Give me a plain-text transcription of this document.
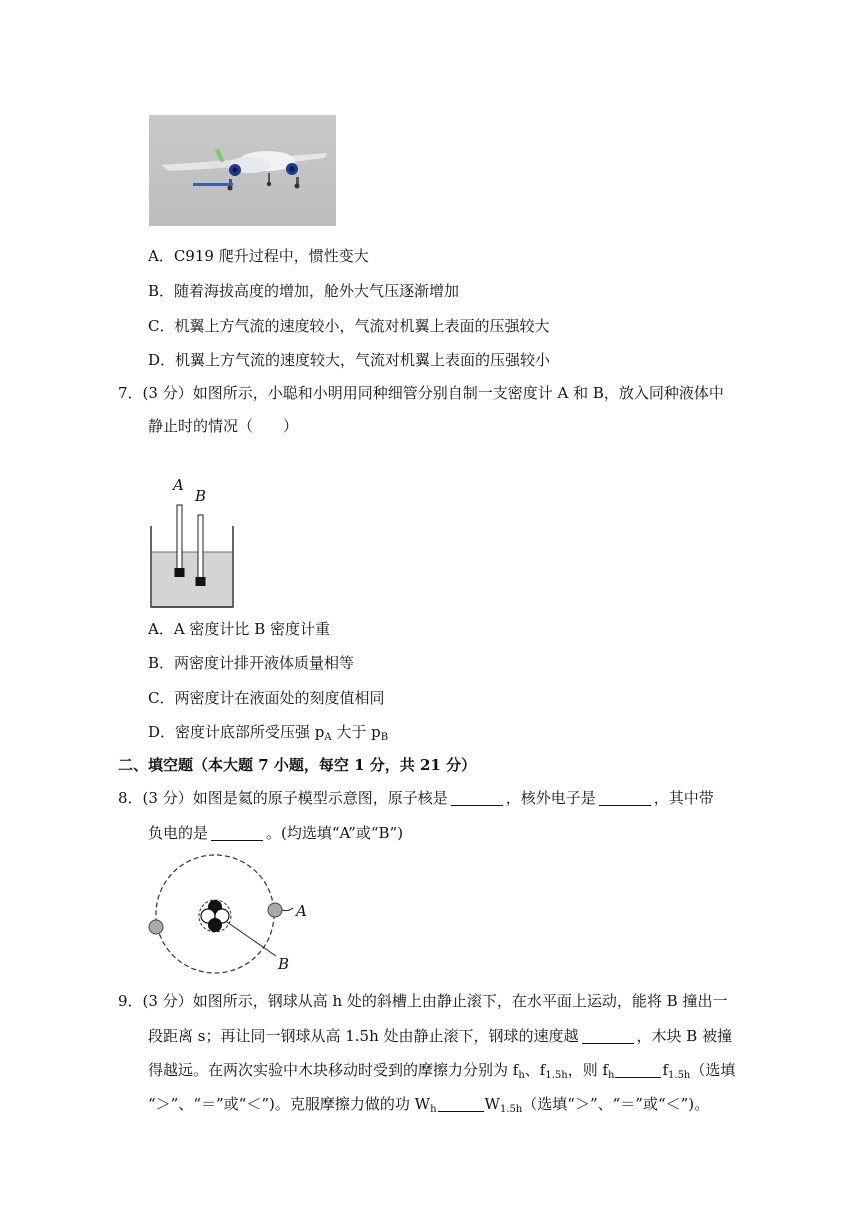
A．C919 爬升过程中，惯性变大
B．随着海拔高度的增加，舱外大气压逐渐增加
C．机翼上方气流的速度较小，气流对机翼上表面的压强较大
D．机翼上方气流的速度较大，气流对机翼上表面的压强较小
7．(3 分）如图所示，小聪和小明用同种细管分别自制一支密度计 A 和 B，放入同种液体中
静止时的情况（　　）
A
B
A．A 密度计比 B 密度计重
B．两密度计排开液体质量相等
C．两密度计在液面处的刻度值相同
D．密度计底部所受压强 $p_A$ 大于 $p_B$
二、填空题（本大题 7 小题，每空 1 分，共 21 分）
8．(3 分）如图是氦的原子模型示意图，原子核是	，核外电子是	，其中带
负电的是	。(均选填“A”或“B”)
A
B
9．(3 分）如图所示，钢球从高 h 处的斜槽上由静止滚下，在水平面上运动，能将 B 撞出一
段距离 s；再让同一钢球从高 1.5h 处由静止滚下，钢球的速度越	，木块 B 被撞
得越远。在两次实验中木块移动时受到的摩擦力分别为 $f_h$、$f_{1.5h}$，则 $f_h$	$f_{1.5h}$（选填
“＞”、“＝”或“＜”)。克服摩擦力做的功 $W_h$	$W_{1.5h}$（选填“＞”、“＝”或“＜”)。
